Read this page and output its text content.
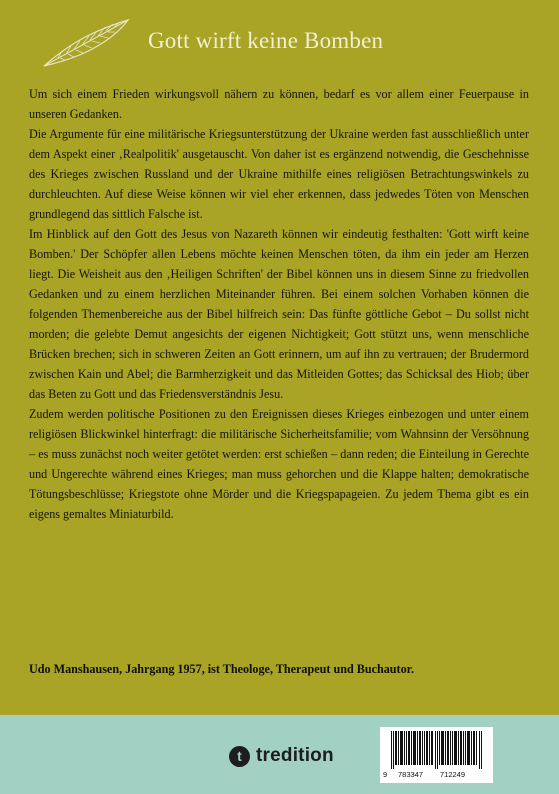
Gott wirft keine Bomben

Um sich einem Frieden wirkungsvoll nähern zu können, bedarf es vor allem einer Feuerpause in unseren Gedanken.

Die Argumente für eine militärische Kriegsunterstützung der Ukraine werden fast ausschließlich unter dem Aspekt einer ‚Realpolitik' ausgetauscht. Von daher ist es ergänzend notwendig, die Geschehnisse des Krieges zwischen Russland und der Ukraine mithilfe eines religiösen Betrachtungswinkels zu durchleuchten. Auf diese Weise können wir viel eher erkennen, dass jedwedes Töten von Menschen grundlegend das sittlich Falsche ist.

Im Hinblick auf den Gott des Jesus von Nazareth können wir eindeutig festhalten: 'Gott wirft keine Bomben.' Der Schöpfer allen Lebens möchte keinen Menschen töten, da ihm ein jeder am Herzen liegt. Die Weisheit aus den ‚Heiligen Schriften' der Bibel können uns in diesem Sinne zu friedvollen Gedanken und zu einem herzlichen Miteinander führen. Bei einem solchen Vorhaben können die folgenden Themenbereiche aus der Bibel hilfreich sein: Das fünfte göttliche Gebot – Du sollst nicht morden; die gelebte Demut angesichts der eigenen Nichtigkeit; Gott stützt uns, wenn menschliche Brücken brechen; sich in schweren Zeiten an Gott erinnern, um auf ihn zu vertrauen; der Brudermord zwischen Kain und Abel; die Barmherzigkeit und das Mitleiden Gottes; das Schicksal des Hiob; über das Beten zu Gott und das Friedensverständnis Jesu.

Zudem werden politische Positionen zu den Ereignissen dieses Krieges einbezogen und unter einem religiösen Blickwinkel hinterfragt: die militärische Sicherheitsfamilie; vom Wahnsinn der Versöhnung – es muss zunächst noch weiter getötet werden: erst schießen – dann reden; die Einteilung in Gerechte und Ungerechte während eines Krieges; man muss gehorchen und die Klappe halten; demokratische Tötungsbeschlüsse; Kriegstote ohne Mörder und die Kriegspapageien. Zu jedem Thema gibt es ein eigens gemaltes Miniaturbild.

Udo Manshausen, Jahrgang 1957, ist Theologe, Therapeut und Buchautor.
t tredition
9 783347 712249
